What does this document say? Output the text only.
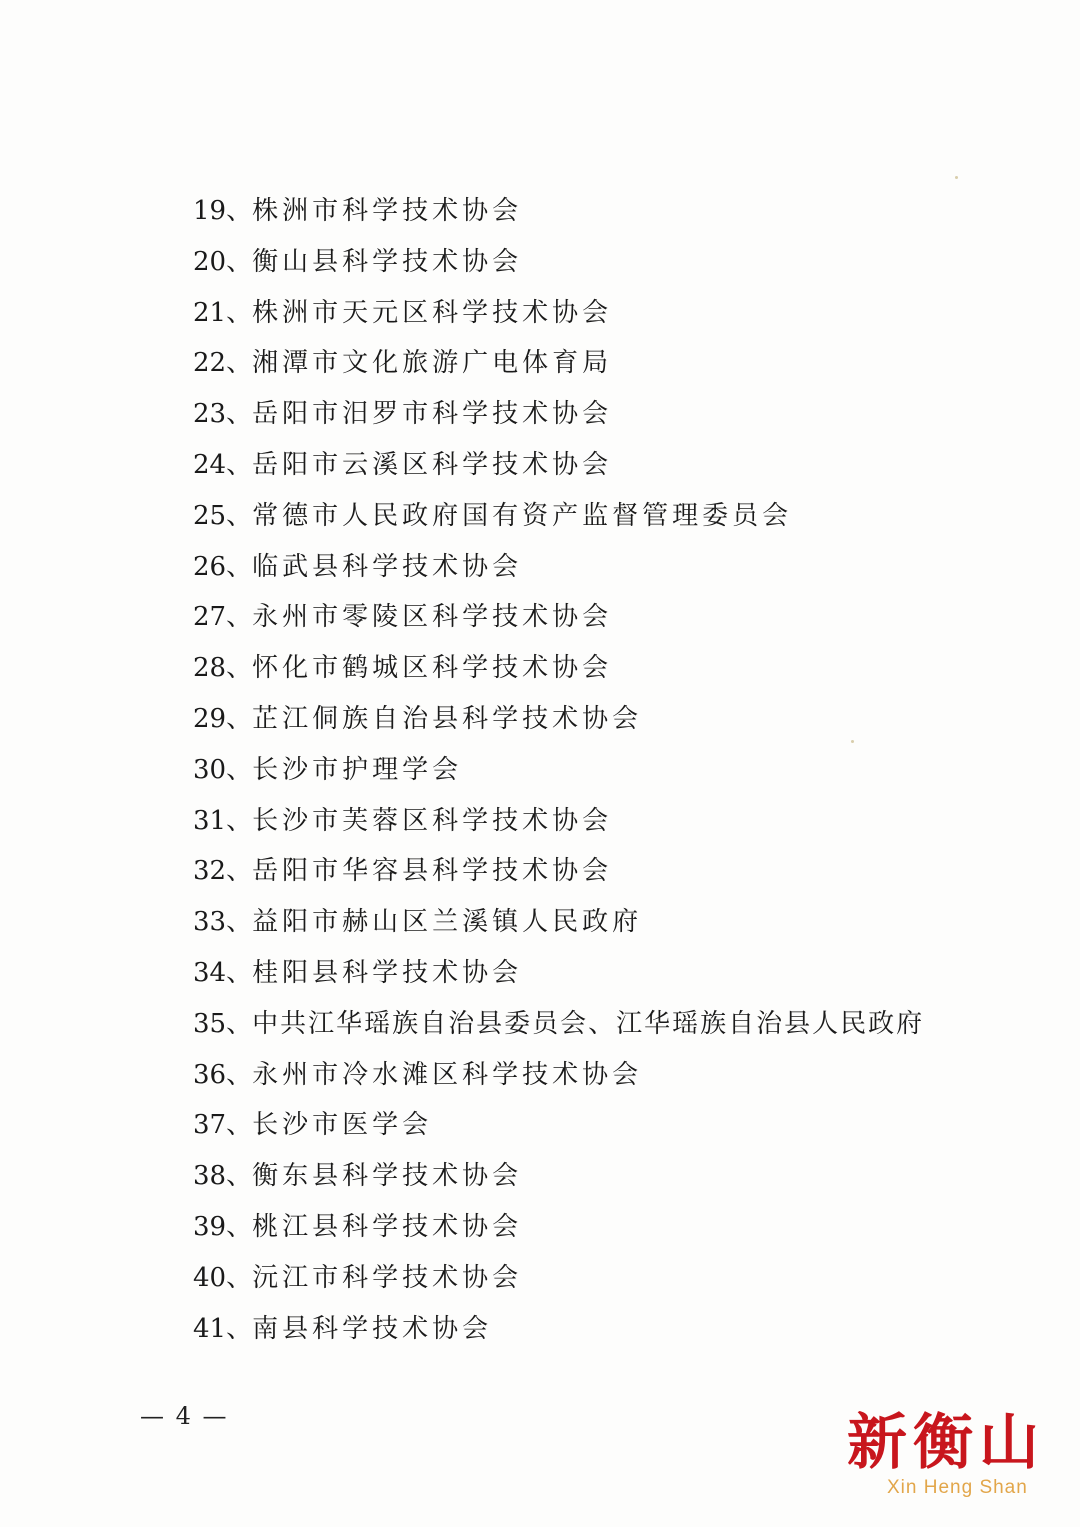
19、株洲市科学技术协会
20、衡山县科学技术协会
21、株洲市天元区科学技术协会
22、湘潭市文化旅游广电体育局
23、岳阳市汨罗市科学技术协会
24、岳阳市云溪区科学技术协会
25、常德市人民政府国有资产监督管理委员会
26、临武县科学技术协会
27、永州市零陵区科学技术协会
28、怀化市鹤城区科学技术协会
29、芷江侗族自治县科学技术协会
30、长沙市护理学会
31、长沙市芙蓉区科学技术协会
32、岳阳市华容县科学技术协会
33、益阳市赫山区兰溪镇人民政府
34、桂阳县科学技术协会
35、中共江华瑶族自治县委员会、江华瑶族自治县人民政府
36、永州市冷水滩区科学技术协会
37、长沙市医学会
38、衡东县科学技术协会
39、桃江县科学技术协会
40、沅江市科学技术协会
41、南县科学技术协会
— 4 —	新衡山
Xin Heng Shan
